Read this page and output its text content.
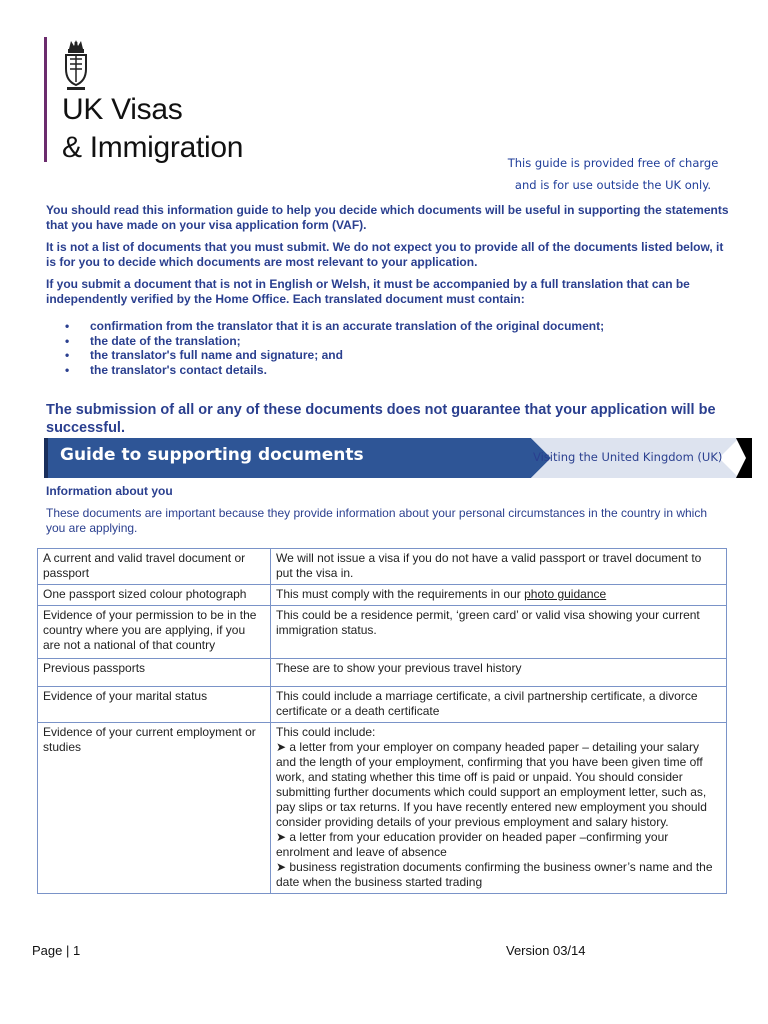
UK Visas
& Immigration	This guide is provided free of charge
and is for use outside the UK only.

You should read this information guide to help you decide which documents will be useful in supporting the statements that you have made on your visa application form (VAF).

It is not a list of documents that you must submit. We do not expect you to provide all of the documents listed below, it is for you to decide which documents are most relevant to your application.

If you submit a document that is not in English or Welsh, it must be accompanied by a full translation that can be independently verified by the Home Office. Each translated document must contain:

• confirmation from the translator that it is an accurate translation of the original document;
• the date of the translation;
• the translator's full name and signature; and
• the translator's contact details.
The submission of all or any of these documents does not guarantee that your application will be successful.
Guide to supporting documents	Visiting the United Kingdom (UK)
Information about you
These documents are important because they provide information about your personal circumstances in the country in which you are applying.
A current and valid travel document or passport	We will not issue a visa if you do not have a valid passport or travel document to put the visa in.
One passport sized colour photograph	This must comply with the requirements in our photo guidance
Evidence of your permission to be in the country where you are applying, if you are not a national of that country	This could be a residence permit, ‘green card’ or valid visa showing your current immigration status.
Previous passports	These are to show your previous travel history
Evidence of your marital status	This could include a marriage certificate, a civil partnership certificate, a divorce certificate or a death certificate
Evidence of your current employment or studies	This could include:
➤ a letter from your employer on company headed paper – detailing your salary and the length of your employment, confirming that you have been given time off work, and stating whether this time off is paid or unpaid. You should consider submitting further documents which could support an employment letter, such as, pay slips or tax returns. If you have recently entered new employment you should consider providing details of your previous employment and salary history.
➤ a letter from your education provider on headed paper –confirming your enrolment and leave of absence
➤ business registration documents confirming the business owner’s name and the date when the business started trading
Page | 1	Version 03/14
